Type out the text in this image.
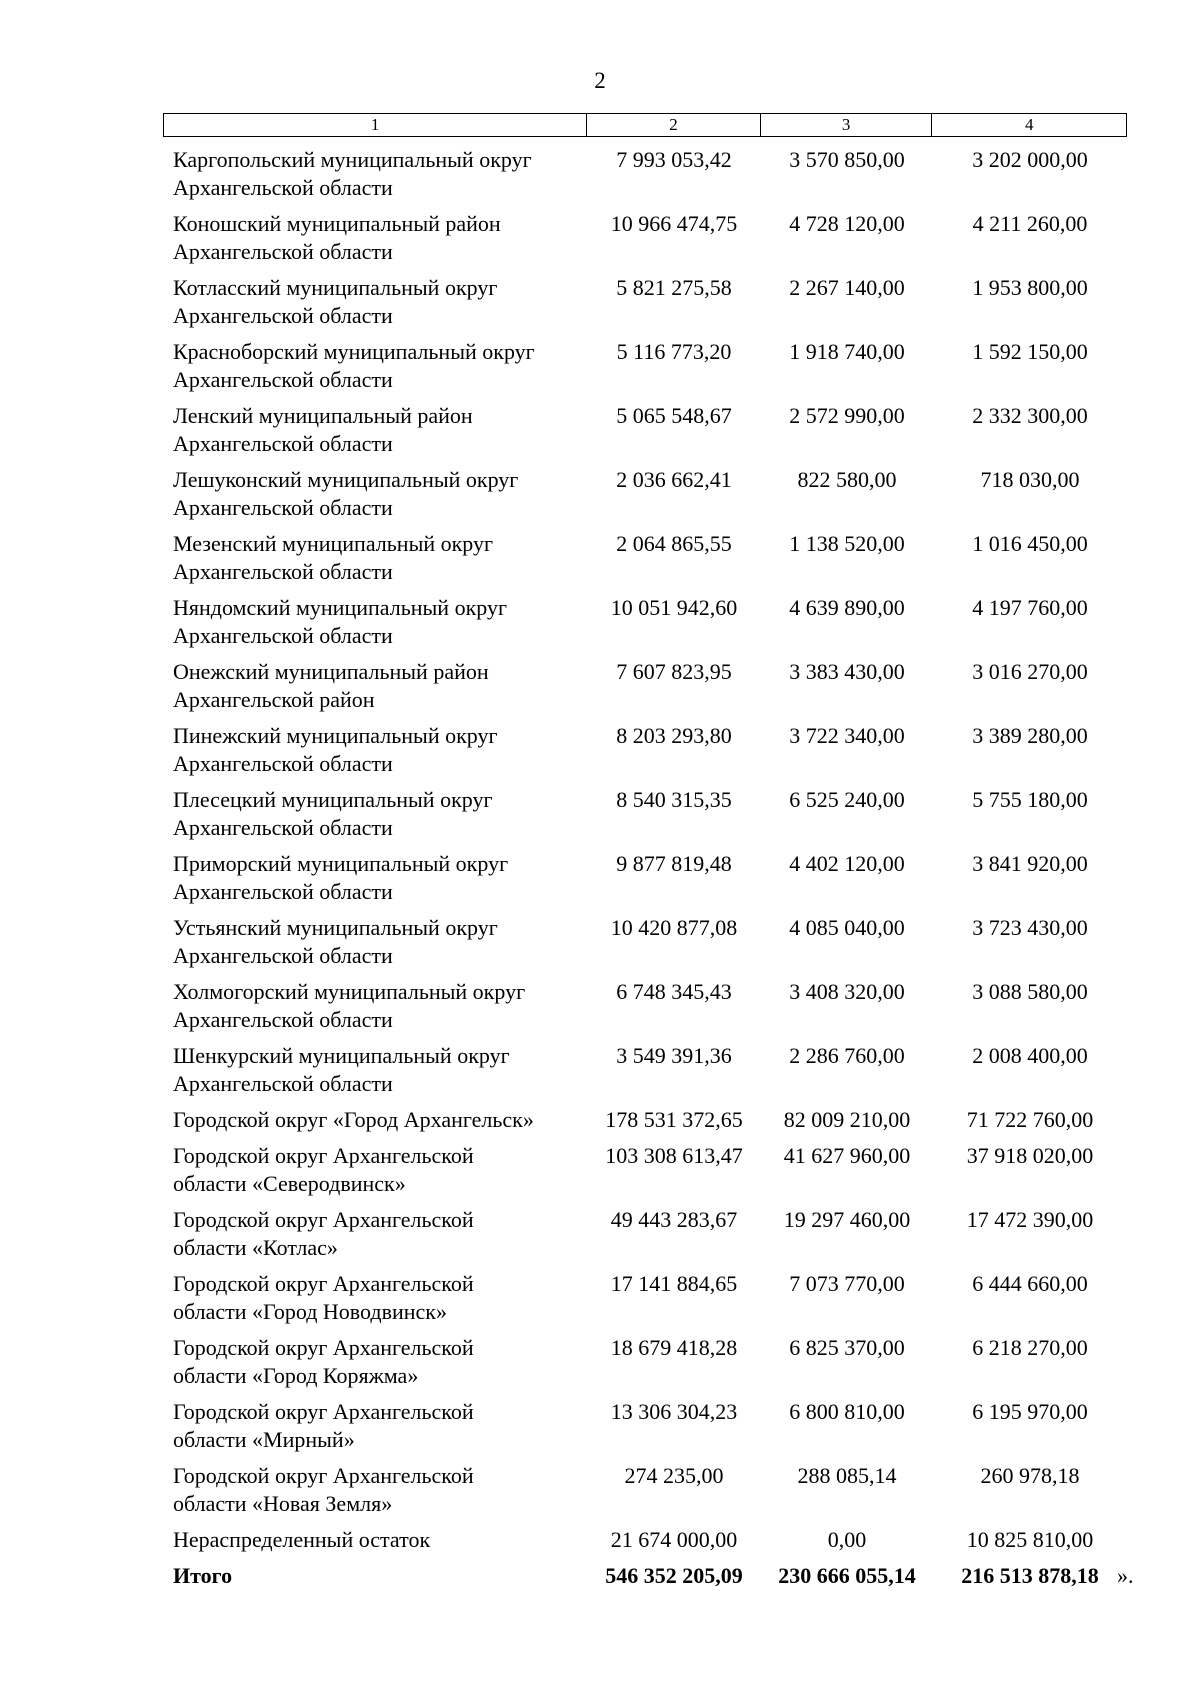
2
1	2	3	4
Каргопольский муниципальный округ
Архангельской области
7 993 053,42	3 570 850,00	3 202 000,00
Коношский муниципальный район
Архангельской области
10 966 474,75	4 728 120,00	4 211 260,00
Котласский муниципальный округ
Архангельской области
5 821 275,58	2 267 140,00	1 953 800,00
Красноборский муниципальный округ
Архангельской области
5 116 773,20	1 918 740,00	1 592 150,00
Ленский муниципальный район
Архангельской области
5 065 548,67	2 572 990,00	2 332 300,00
Лешуконский муниципальный округ
Архангельской области
2 036 662,41	822 580,00	718 030,00
Мезенский муниципальный округ
Архангельской области
2 064 865,55	1 138 520,00	1 016 450,00
Няндомский муниципальный округ
Архангельской области
10 051 942,60	4 639 890,00	4 197 760,00
Онежский муниципальный район
Архангельской район
7 607 823,95	3 383 430,00	3 016 270,00
Пинежский муниципальный округ
Архангельской области
8 203 293,80	3 722 340,00	3 389 280,00
Плесецкий муниципальный округ
Архангельской области
8 540 315,35	6 525 240,00	5 755 180,00
Приморский муниципальный округ
Архангельской области
9 877 819,48	4 402 120,00	3 841 920,00
Устьянский муниципальный округ
Архангельской области
10 420 877,08	4 085 040,00	3 723 430,00
Холмогорский муниципальный округ
Архангельской области
6 748 345,43	3 408 320,00	3 088 580,00
Шенкурский муниципальный округ
Архангельской области
3 549 391,36	2 286 760,00	2 008 400,00
Городской округ «Город Архангельск»	178 531 372,65	82 009 210,00	71 722 760,00
Городской округ Архангельской
области «Северодвинск»
103 308 613,47	41 627 960,00	37 918 020,00
Городской округ Архангельской
области «Котлас»
49 443 283,67	19 297 460,00	17 472 390,00
Городской округ Архангельской
области «Город Новодвинск»
17 141 884,65	7 073 770,00	6 444 660,00
Городской округ Архангельской
области «Город Коряжма»
18 679 418,28	6 825 370,00	6 218 270,00
Городской округ Архангельской
области «Мирный»
13 306 304,23	6 800 810,00	6 195 970,00
Городской округ Архангельской
области «Новая Земля»
274 235,00	288 085,14	260 978,18
Нераспределенный остаток	21 674 000,00	0,00	10 825 810,00
Итого	546 352 205,09	230 666 055,14	216 513 878,18 ».
